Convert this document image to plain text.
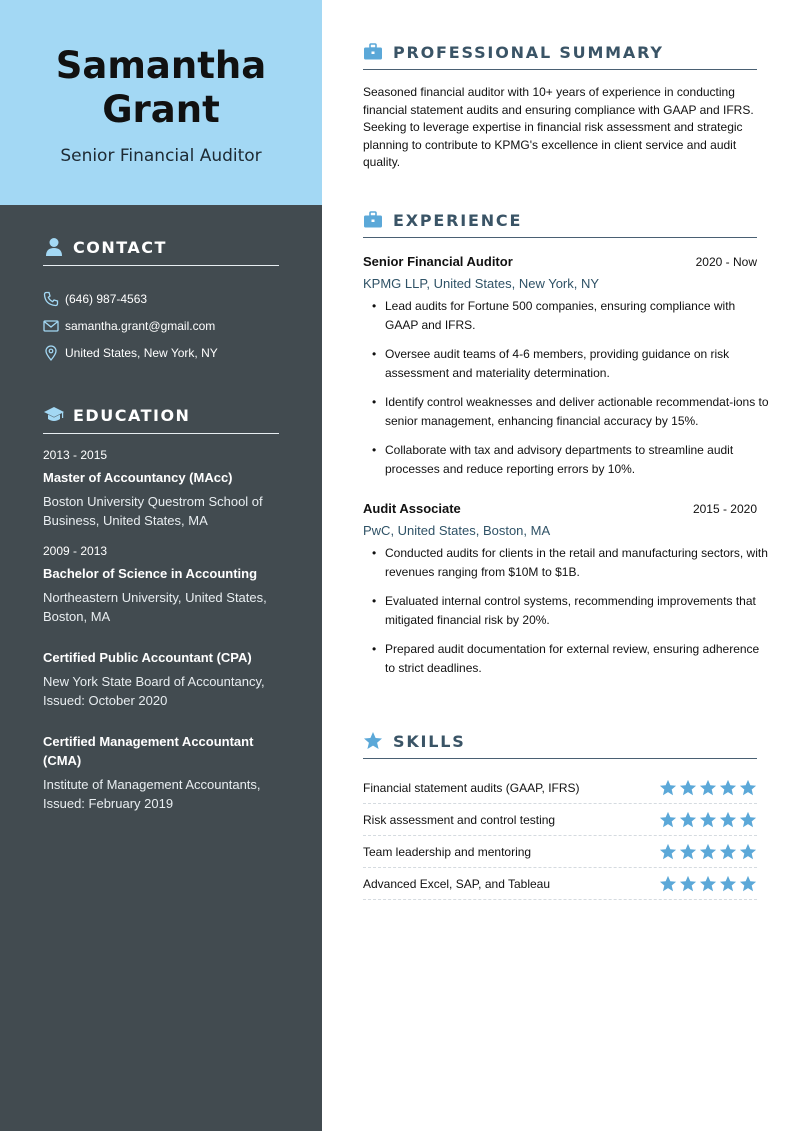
Samantha Grant
Senior Financial Auditor
CONTACT
(646) 987-4563
samantha.grant@gmail.com
United States, New York, NY
EDUCATION
2013 - 2015
Master of Accountancy (MAcc)
Boston University Questrom School of Business, United States, MA
2009 - 2013
Bachelor of Science in Accounting
Northeastern University, United States, Boston, MA
Certified Public Accountant (CPA)
New York State Board of Accountancy, Issued: October 2020
Certified Management Accountant (CMA)
Institute of Management Accountants, Issued: February 2019
PROFESSIONAL SUMMARY
Seasoned financial auditor with 10+ years of experience in conducting financial statement audits and ensuring compliance with GAAP and IFRS. Seeking to leverage expertise in financial risk assessment and strategic planning to contribute to KPMG's excellence in client service and audit quality.
EXPERIENCE
Senior Financial Auditor	2020 - Now
KPMG LLP, United States, New York, NY
• Lead audits for Fortune 500 companies, ensuring compliance with GAAP and IFRS.
• Oversee audit teams of 4-6 members, providing guidance on risk assessment and materiality determination.
• Identify control weaknesses and deliver actionable recommendat-ions to senior management, enhancing financial accuracy by 15%.
• Collaborate with tax and advisory departments to streamline audit processes and reduce reporting errors by 10%.
Audit Associate	2015 - 2020
PwC, United States, Boston, MA
• Conducted audits for clients in the retail and manufacturing sectors, with revenues ranging from $10M to $1B.
• Evaluated internal control systems, recommending improvements that mitigated financial risk by 20%.
• Prepared audit documentation for external review, ensuring adherence to strict deadlines.
SKILLS
Financial statement audits (GAAP, IFRS)
Risk assessment and control testing
Team leadership and mentoring
Advanced Excel, SAP, and Tableau
